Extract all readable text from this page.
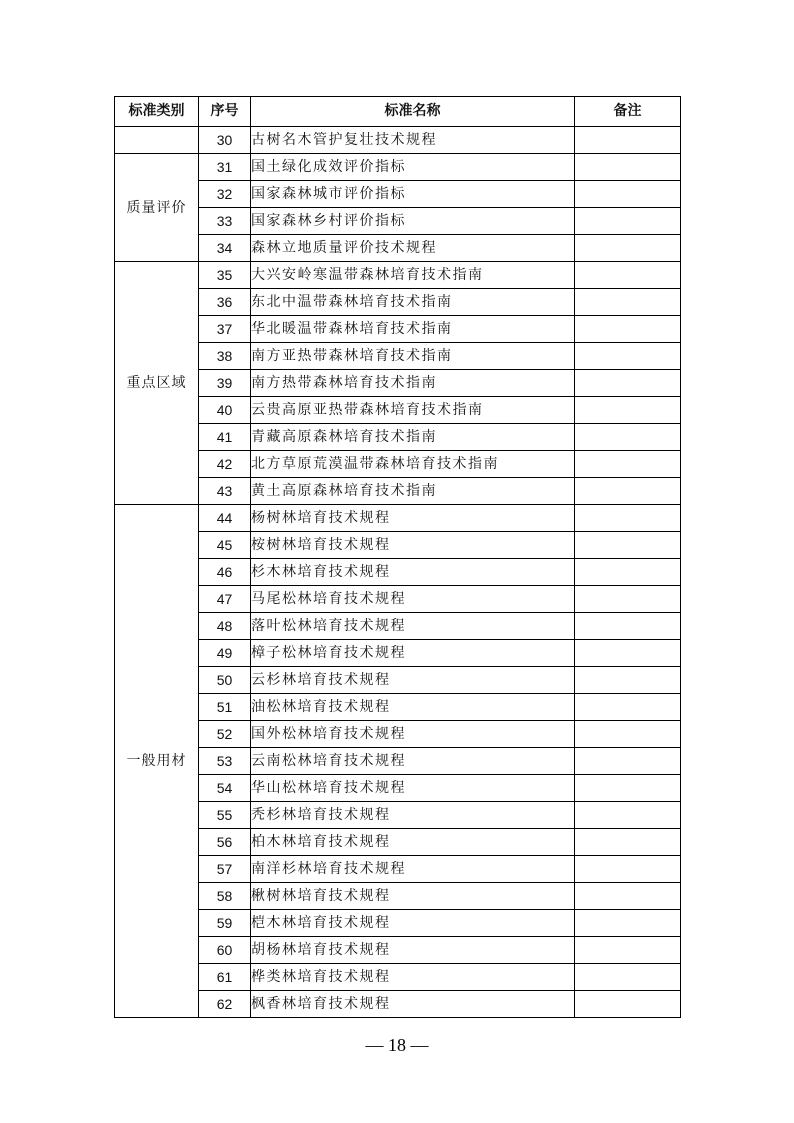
标准类别	序号	标准名称	备注
	30	古树名木管护复壮技术规程	
质量评价	31	国土绿化成效评价指标	
	32	国家森林城市评价指标	
	33	国家森林乡村评价指标	
	34	森林立地质量评价技术规程	
重点区域	35	大兴安岭寒温带森林培育技术指南	
	36	东北中温带森林培育技术指南	
	37	华北暖温带森林培育技术指南	
	38	南方亚热带森林培育技术指南	
	39	南方热带森林培育技术指南	
	40	云贵高原亚热带森林培育技术指南	
	41	青藏高原森林培育技术指南	
	42	北方草原荒漠温带森林培育技术指南	
	43	黄土高原森林培育技术指南	
一般用材	44	杨树林培育技术规程	
	45	桉树林培育技术规程	
	46	杉木林培育技术规程	
	47	马尾松林培育技术规程	
	48	落叶松林培育技术规程	
	49	樟子松林培育技术规程	
	50	云杉林培育技术规程	
	51	油松林培育技术规程	
	52	国外松林培育技术规程	
	53	云南松林培育技术规程	
	54	华山松林培育技术规程	
	55	秃杉林培育技术规程	
	56	柏木林培育技术规程	
	57	南洋杉林培育技术规程	
	58	楸树林培育技术规程	
	59	桤木林培育技术规程	
	60	胡杨林培育技术规程	
	61	桦类林培育技术规程	
	62	枫香林培育技术规程	
— 18 —
